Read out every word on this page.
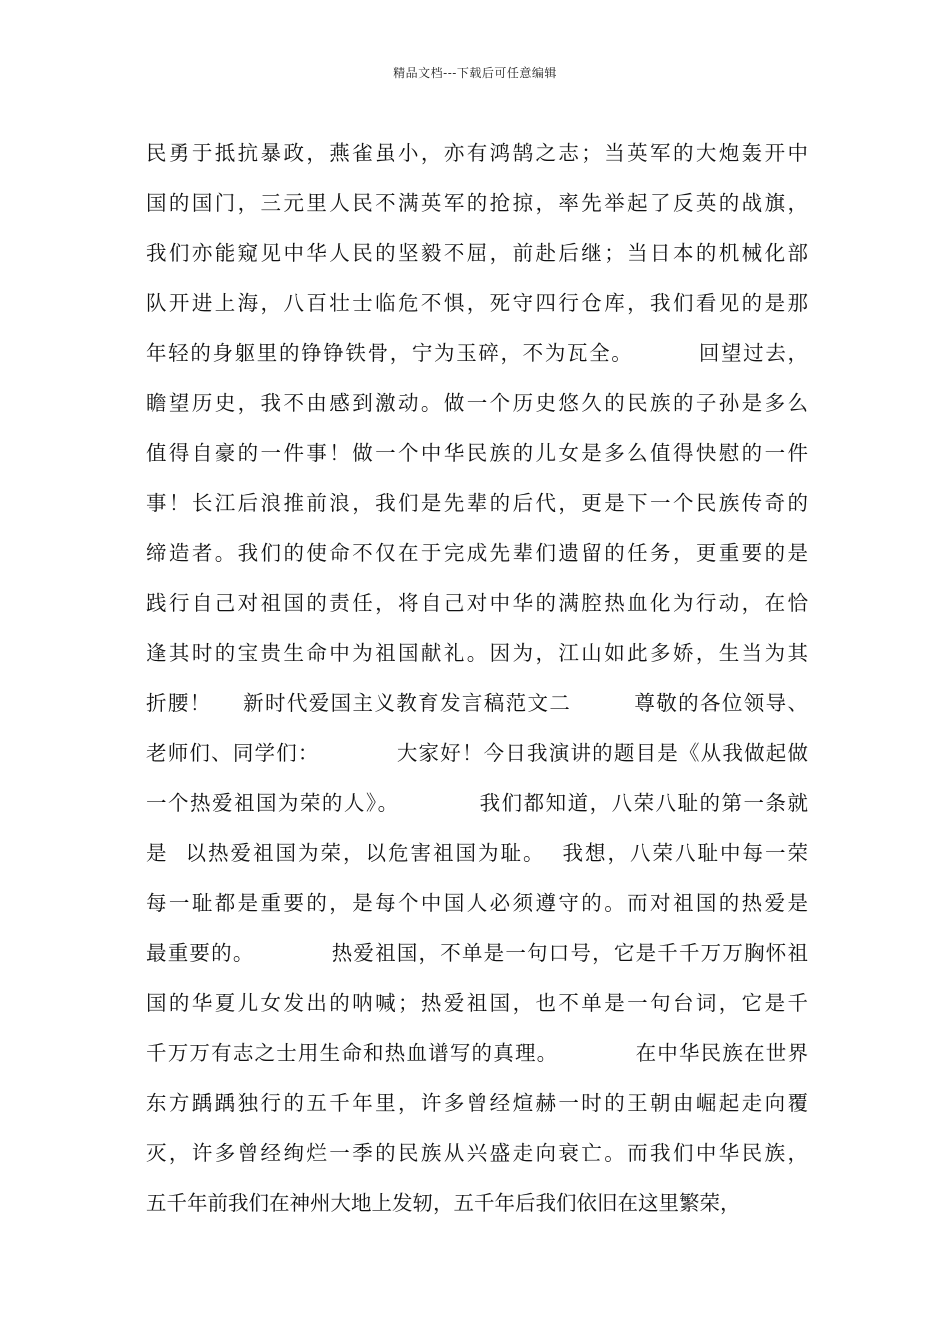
精品文档---下载后可任意编辑
民勇于抵抗暴政，燕雀虽小，亦有鸿鹄之志；当英军的大炮轰开中
国的国门，三元里人民不满英军的抢掠，率先举起了反英的战旗，
我们亦能窥见中华人民的坚毅不屈，前赴后继；当日本的机械化部
队开进上海，八百壮士临危不惧，死守四行仓库，我们看见的是那
年轻的身躯里的铮铮铁骨，宁为玉碎，不为瓦全。        回望过去，
瞻望历史，我不由感到激动。做一个历史悠久的民族的子孙是多么
值得自豪的一件事！做一个中华民族的儿女是多么值得快慰的一件
事！长江后浪推前浪，我们是先辈的后代，更是下一个民族传奇的
缔造者。我们的使命不仅在于完成先辈们遗留的任务，更重要的是
践行自己对祖国的责任，将自己对中华的满腔热血化为行动，在恰
逢其时的宝贵生命中为祖国献礼。因为，江山如此多娇，生当为其
折腰！    新时代爱国主义教育发言稿范文二        尊敬的各位领导、
老师们、同学们：          大家好！今日我演讲的题目是《从我做起做
一个热爱祖国为荣的人》。          我们都知道，八荣八耻的第一条就
是  以热爱祖国为荣，以危害祖国为耻。  我想，八荣八耻中每一荣
每一耻都是重要的，是每个中国人必须遵守的。而对祖国的热爱是
最重要的。          热爱祖国，不单是一句口号，它是千千万万胸怀祖
国的华夏儿女发出的呐喊；热爱祖国，也不单是一句台词，它是千
千万万有志之士用生命和热血谱写的真理。          在中华民族在世界
东方踽踽独行的五千年里，许多曾经煊赫一时的王朝由崛起走向覆
灭，许多曾经绚烂一季的民族从兴盛走向衰亡。而我们中华民族，
五千年前我们在神州大地上发轫，五千年后我们依旧在这里繁荣，
